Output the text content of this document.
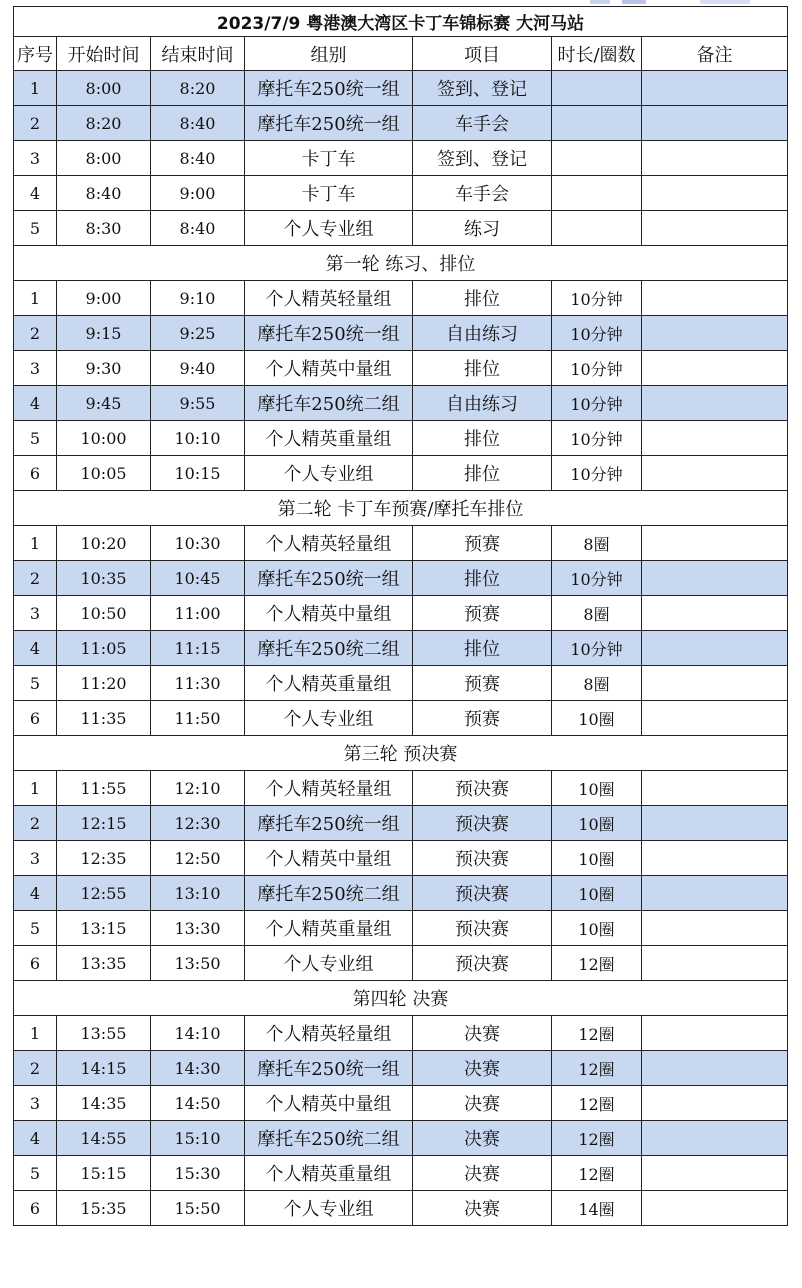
2023/7/9 粤港澳大湾区卡丁车锦标赛 大河马站						
序号	开始时间	结束时间	组别	项目	时长/圈数	备注
1	8:00	8:20	摩托车250统一组	签到、登记		
2	8:20	8:40	摩托车250统一组	车手会		
3	8:00	8:40	卡丁车	签到、登记		
4	8:40	9:00	卡丁车	车手会		
5	8:30	8:40	个人专业组	练习		
第一轮 练习、排位						
1	9:00	9:10	个人精英轻量组	排位	10分钟	
2	9:15	9:25	摩托车250统一组	自由练习	10分钟	
3	9:30	9:40	个人精英中量组	排位	10分钟	
4	9:45	9:55	摩托车250统二组	自由练习	10分钟	
5	10:00	10:10	个人精英重量组	排位	10分钟	
6	10:05	10:15	个人专业组	排位	10分钟	
第二轮 卡丁车预赛/摩托车排位						
1	10:20	10:30	个人精英轻量组	预赛	8圈	
2	10:35	10:45	摩托车250统一组	排位	10分钟	
3	10:50	11:00	个人精英中量组	预赛	8圈	
4	11:05	11:15	摩托车250统二组	排位	10分钟	
5	11:20	11:30	个人精英重量组	预赛	8圈	
6	11:35	11:50	个人专业组	预赛	10圈	
第三轮 预决赛						
1	11:55	12:10	个人精英轻量组	预决赛	10圈	
2	12:15	12:30	摩托车250统一组	预决赛	10圈	
3	12:35	12:50	个人精英中量组	预决赛	10圈	
4	12:55	13:10	摩托车250统二组	预决赛	10圈	
5	13:15	13:30	个人精英重量组	预决赛	10圈	
6	13:35	13:50	个人专业组	预决赛	12圈	
第四轮 决赛						
1	13:55	14:10	个人精英轻量组	决赛	12圈	
2	14:15	14:30	摩托车250统一组	决赛	12圈	
3	14:35	14:50	个人精英中量组	决赛	12圈	
4	14:55	15:10	摩托车250统二组	决赛	12圈	
5	15:15	15:30	个人精英重量组	决赛	12圈	
6	15:35	15:50	个人专业组	决赛	14圈	
